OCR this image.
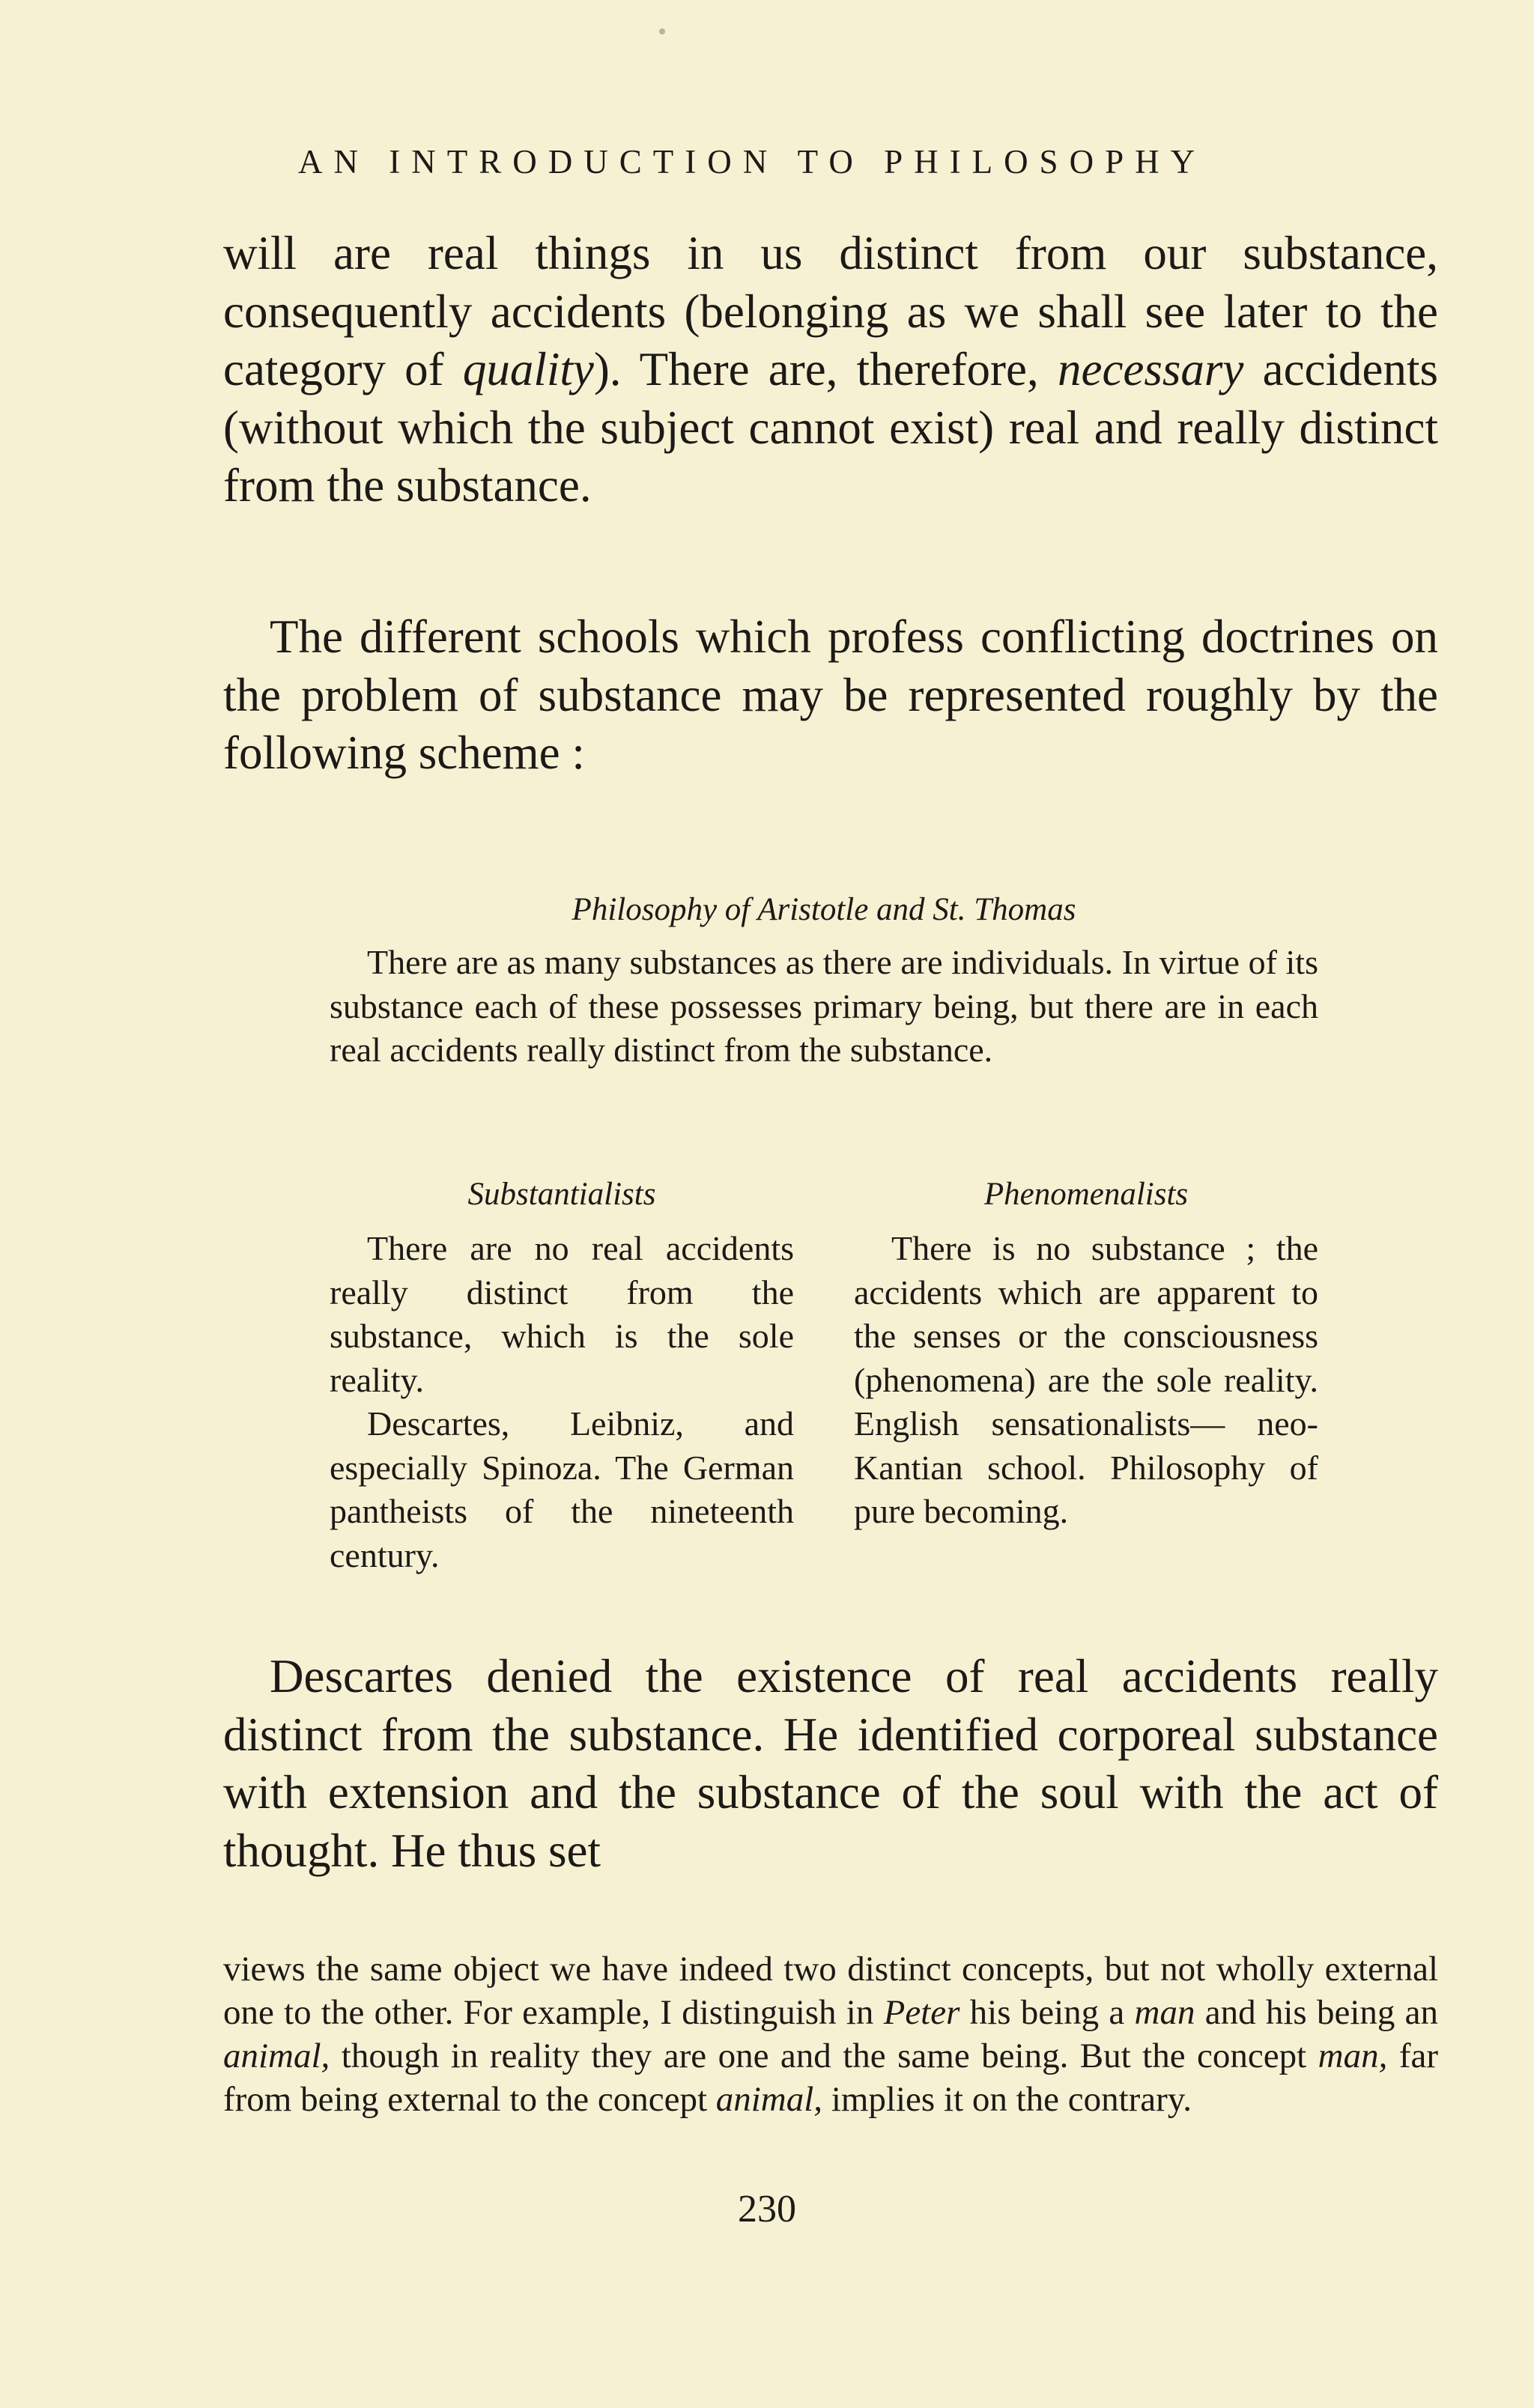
AN INTRODUCTION TO PHILOSOPHY

will are real things in us distinct from our substance, consequently accidents (belonging as we shall see later to the category of quality). There are, therefore, necessary accidents (without which the subject cannot exist) real and really distinct from the substance.

The different schools which profess conflicting doctrines on the problem of substance may be represented roughly by the following scheme :

Philosophy of Aristotle and St. Thomas

There are as many substances as there are individuals. In virtue of its substance each of these possesses primary being, but there are in each real accidents really distinct from the substance.

Substantialists

There are no real accidents really distinct from the substance, which is the sole reality.

Descartes, Leibniz, and especially Spinoza. The German pantheists of the nineteenth century.

Phenomenalists

There is no substance ; the accidents which are apparent to the senses or the consciousness (phenomena) are the sole reality. English sensationalists— neo-Kantian school. Philosophy of pure becoming.

Descartes denied the existence of real accidents really distinct from the substance. He identified corporeal substance with extension and the substance of the soul with the act of thought. He thus set

views the same object we have indeed two distinct concepts, but not wholly external one to the other. For example, I distinguish in Peter his being a man and his being an animal, though in reality they are one and the same being. But the concept man, far from being external to the concept animal, implies it on the contrary.

230
